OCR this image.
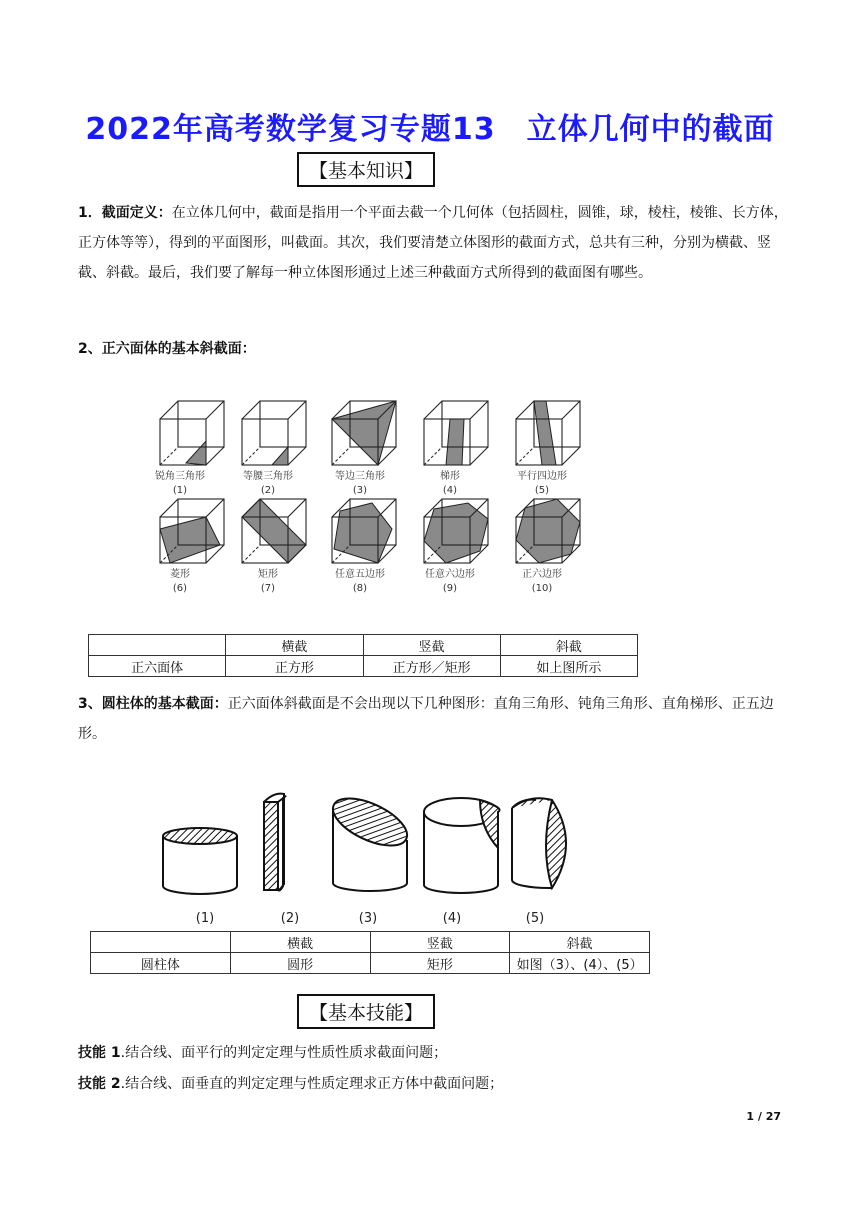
2022年高考数学复习专题13　立体几何中的截面
【基本知识】
1．截面定义：在立体几何中，截面是指用一个平面去截一个几何体（包括圆柱，圆锥，球，棱柱，棱锥、长方体，正方体等等），得到的平面图形，叫截面。其次，我们要清楚立体图形的截面方式，总共有三种，分别为横截、竖截、斜截。最后，我们要了解每一种立体图形通过上述三种截面方式所得到的截面图有哪些。
2、正六面体的基本斜截面：
锐角三角形
(1)
等腰三角形
(2)
等边三角形
(3)
梯形
(4)
平行四边形
(5)
菱形
(6)
矩形
(7)
任意五边形
(8)
任意六边形
(9)
正六边形
(10)
	横截	竖截	斜截
正六面体	正方形	正方形／矩形	如上图所示
3、圆柱体的基本截面：正六面体斜截面是不会出现以下几种图形：直角三角形、钝角三角形、直角梯形、正五边形。
(1)	(2)	(3)	(4)	(5)
	横截	竖截	斜截
圆柱体	圆形	矩形	如图（3）、(4）、(5）
【基本技能】
技能 1.结合线、面平行的判定定理与性质性质求截面问题；
技能 2.结合线、面垂直的判定定理与性质定理求正方体中截面问题；
1 / 27
